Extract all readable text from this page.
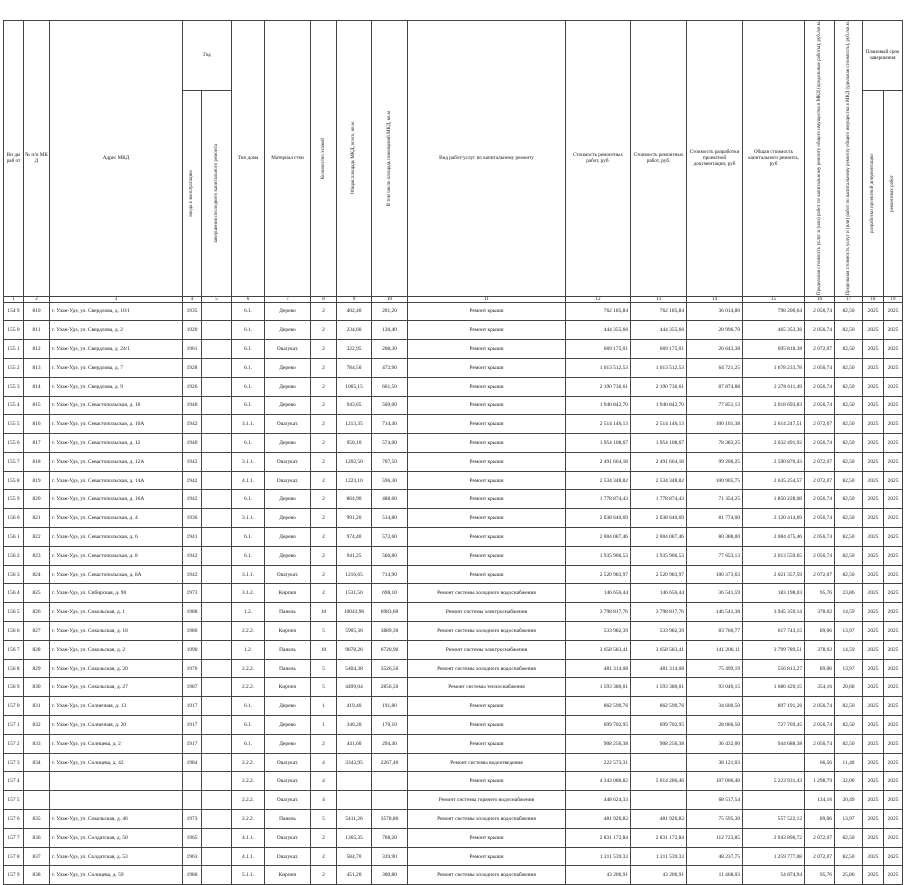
Ви ды раб от	№ п/п МК Д	Адрес МКД	Год		Тип дома	Материал стен	Количество этажей	Общая площадь МКД, всего, кв.м	В том числе площадь помещений МКД, кв.м	Вид работ/услуг по капитальному ремонту	Стоимость ремонтных работ, руб.	Стоимость ремонтных работ, руб.	Стоимость разработки проектной документации, руб	Общая стоимость капитального ремонта, руб	Предельная стоимость услуг и (или) работ по капитальному ремонту общего имущества в МКД (предельные работы), руб./кв.м.	Предельная стоимость услуг и (или) работ по капитальному ремонту общего имущества в МКД (удельная стоимость), руб./кв.м.	Плановый срок завершения	

			ввода в эксплуатацию	завершения последнего капитального ремонта													разработки проектной документации	ремонтных работ

1	2	3	4	5	6	7	8	9	10	11	12	13	14	15	16	17	18	19
154 9	810	г. Улан-Удэ, ул. Свердлова, д. 10/1	1935		6.1.	Дерево	2	402,40	201,20	Ремонт крыши	762 185,84	762 185,84	36 014,80	798 200,64	2 056,74	82,50	2025	2025
155 0	811	г. Улан-Удэ, ул. Свердлова, д. 2	1920		6.1.	Дерево	2	234,60	136,40	Ремонт крыши	444 355,66	444 355,66	20 996,70	465 352,36	2 056,74	82,50	2025	2025
155 1	812	г. Улан-Удэ, ул. Свердлова, д. 24/1	1961		6.1.	Ошлукат.	2	322,95	208,30	Ремонт крыши	669 175,01	669 175,01	26 643,38	695 818,38	2 072,07	82,50	2025	2025
155 2	813	г. Улан-Удэ, ул. Свердлова, д. 7	1928		6.1.	Дерево	2	784,50	472,90	Ремонт крыши	1 613 512,53	1 613 512,53	64 721,25	1 678 233,78	2 056,74	82,50	2025	2025
155 3	814	г. Улан-Удэ, ул. Свердлова, д. 9	1926		6.1.	Дерево	2	1065,15	661,50	Ремонт крыши	2 190 736,61	2 190 736,61	87 874,88	2 278 611,49	2 056,74	82,50	2025	2025
155 4	815	г. Улан-Удэ, ул. Севастопольская, д. 10	1940		6.1.	Дерево	2	943,65	569,00	Ремонт крыши	1 940 842,70	1 940 842,70	77 851,13	2 018 693,83	2 056,74	82,50	2025	2025
155 5	816	г. Улан-Удэ, ул. Севастопольская, д. 10А	1942		3.1.1.	Ошлукат.	2	1213,35	714,40	Ремонт крыши	2 514 146,13	2 514 146,13	100 101,38	2 614 247,51	2 072,07	82,50	2025	2025
155 6	817	г. Улан-Удэ, ул. Севастопольская, д. 12	1940		6.1.	Дерево	2	950,10	574,00	Ремонт крыши	1 954 108,67	1 954 108,67	78 383,25	2 032 491,92	2 056,74	82,50	2025	2025
155 7	818	г. Улан-Удэ, ул. Севастопольская, д. 12А	1942		3.1.1.	Ошлукат.	2	1202,50	707,50	Ремонт крыши	2 491 664,18	2 491 664,18	99 206,25	2 590 870,43	2 072,07	82,50	2025	2025
155 8	819	г. Улан-Удэ, ул. Севастопольская, д. 14А	1942		4.1.1.	Ошлукат.	2	1223,10	596,30	Ремонт крыши	2 534 348,82	2 534 348,82	100 905,75	2 635 254,57	2 072,07	82,50	2025	2025
155 9	820	г. Улан-Удэ, ул. Севастопольская, д. 16А	1942		6.1.	Дерево	2	864,90	488,60	Ремонт крыши	1 778 874,43	1 778 874,43	71 354,25	1 850 228,68	2 056,74	82,50	2025	2025
156 0	821	г. Улан-Удэ, ул. Севастопольская, д. 4	1936		3.1.1.	Дерево	2	991,20	514,80	Ремонт крыши	2 038 640,69	2 038 640,69	81 774,00	2 120 414,69	2 056,74	82,50	2025	2025
156 1	822	г. Улан-Удэ, ул. Севастопольская, д. 6	1941		6.1.	Дерево	2	974,40	572,60	Ремонт крыши	2 004 087,46	2 004 087,46	80 388,00	2 084 475,46	2 056,74	82,50	2025	2025
156 2	823	г. Улан-Удэ, ул. Севастопольская, д. 8	1942		6.1.	Дерево	2	941,25	566,80	Ремонт крыши	1 935 906,53	1 935 906,53	77 653,13	2 013 559,65	2 056,74	82,50	2025	2025
156 3	824	г. Улан-Удэ, ул. Севастопольская, д. 8А	1942		3.1.1.	Ошлукат.	2	1216,65	714,90	Ремонт крыши	2 520 983,97	2 520 983,97	100 373,63	2 621 357,59	2 072,07	82,50	2025	2025
156 4	825	г. Улан-Удэ, ул. Сибирская, д. 90	1973		3.1.2.	Кирпич	2	1531,50	698,10	Ремонт системы холодного водоснабжения	146 656,44	146 656,44	36 541,59	183 198,03	95,76	23,86	2025	2025
156 5	826	г. Улан-Удэ, ул. Сокольская, д. 1	1988		1.2.	Панель	10	10043,96	6983,60	Ремонт системы электроснабжения	3 798 817,76	3 798 817,76	146 541,38	3 945 359,14	378,02	14,59	2025	2025
156 6	827	г. Улан-Удэ, ул. Сокольская, д. 18	1980		2.2.2.	Кирпич	5	5905,36	3889,30	Ремонт системы холодного водоснабжения	533 982,39	533 982,39	83 760,77	617 743,15	89,06	13,97	2025	2025
156 7	828	г. Улан-Удэ, ул. Сокольская, д. 2	1990		1.2.	Панель	10	9678,26	6720,90	Ремонт системы электроснабжения	3 658 583,41	3 658 583,41	141 206,11	3 799 789,51	378,02	14,59	2025	2025
156 8	829	г. Улан-Удэ, ул. Сокольская, д. 20	1970		2.2.2.	Панель	5	5404,38	3526,50	Ремонт системы холодного водоснабжения	481 314,08	481 314,08	75 499,19	556 813,27	89,06	13,97	2025	2025
156 9	830	г. Улан-Удэ, ул. Сокольская, д. 27	1987		2.2.2.	Кирпич	5	4499,04	2856,50	Ремонт системы теплоснабжения	1 593 380,01	1 593 380,01	93 040,15	1 686 420,15	354,16	20,68	2025	2025
157 0	831	г. Улан-Удэ, ул. Солнечная, д. 13	1917		6.1.	Дерево	1	419,40	191,80	Ремонт крыши	862 590,76	862 590,76	34 600,50	897 191,26	2 056,74	82,50	2025	2025
157 1	832	г. Улан-Удэ, ул. Солнечная, д. 20	1917		6.1.	Дерево	1	340,20	170,10	Ремонт крыши	699 702,95	699 702,95	28 066,50	727 769,45	2 056,74	82,50	2025	2025
157 2	833	г. Улан-Удэ, ул. Солнцева, д. 2	1917		6.1.	Дерево	2	441,60	294,40	Ремонт крыши	908 256,38	908 256,38	36 432,00	944 688,38	2 056,74	82,50	2025	2025
157 3	834	г. Улан-Удэ, ул. Солнцева, д. 42	1984		2.2.2.	Ошлукат.	4	3343,95	2267,40	Ремонт системы водоотведения	222 573,31		38 121,03		66,56	11,40	2025	2025
157 4					2.2.2.	Ошлукат.	4			Ремонт крыши	4 343 088,82	5 014 286,46	107 006,40	5 223 931,43	1 298,79	32,00	2025	2025
157 5					2.2.2.	Ошлукат.	4			Ремонт системы горячего водоснабжения	448 624,33		68 517,54		134,16	20,49	2025	2025
157 6	835	г. Улан-Удэ, ул. Сокольская, д. 46	1973		2.2.2.	Панель	5	5411,26	3578,80	Ремонт системы холодного водоснабжения	481 926,82	481 926,82	75 595,30	557 522,12	89,06	13,97	2025	2025
157 7	836	г. Улан-Удэ, ул. Солдатская, д. 50	1965		4.1.1.	Ошлукат.	2	1365,35	768,20	Ремонт крыши	2 831 172,84	2 831 172,84	112 723,85	2 943 896,72	2 072,07	82,50	2025	2025
157 8	837	г. Улан-Удэ, ул. Солдатская, д. 53	1963		4.1.1.	Ошлукат.	2	584,70	339,90	Ремонт крыши	1 211 539,33	1 211 539,33	48 237,75	1 259 777,08	2 072,07	82,50	2025	2025
157 9	838	г. Улан-Удэ, ул. Солнцева, д. 59	1986		5.1.1.	Кирпич	2	451,20	300,80	Ремонт системы холодного водоснабжения	43 206,91	43 206,91	11 468,03	54 874,94	95,76	25,86	2025	2025
